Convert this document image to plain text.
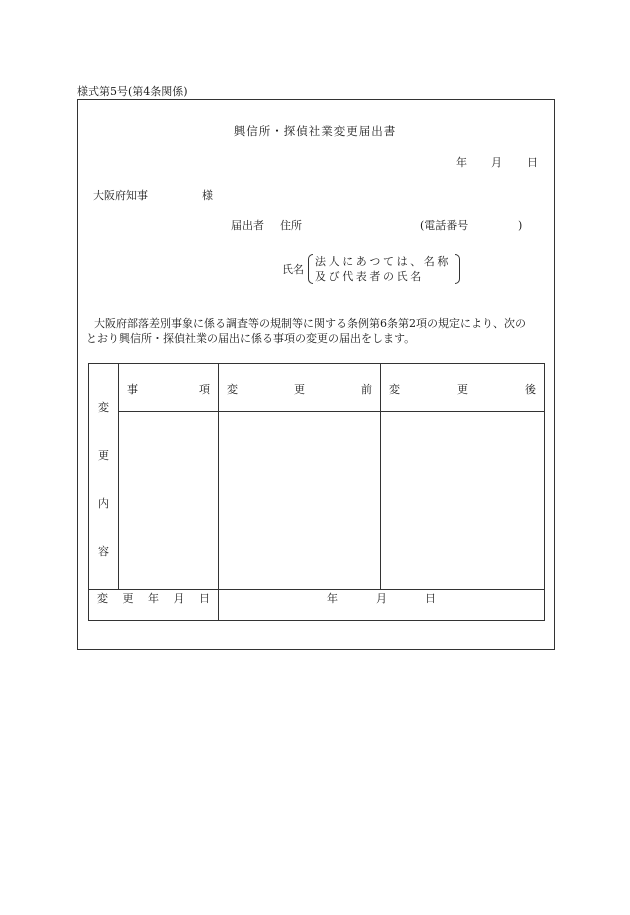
様式第5号(第4条関係)
興信所・探偵社業変更届出書
年 月 日
大阪府知事	様
届出者 住所	(電話番号	)
氏名
法人にあつては、名称
及び代表者の氏名
大阪府部落差別事象に係る調査等の規制等に関する条例第6条第2項の規定により、次の
とおり興信所・探偵社業の届出に係る事項の変更の届出をします。
変
更
内
容	事 項	変 更 前	変 更 後

変 更 年 月 日		年 月 日	
